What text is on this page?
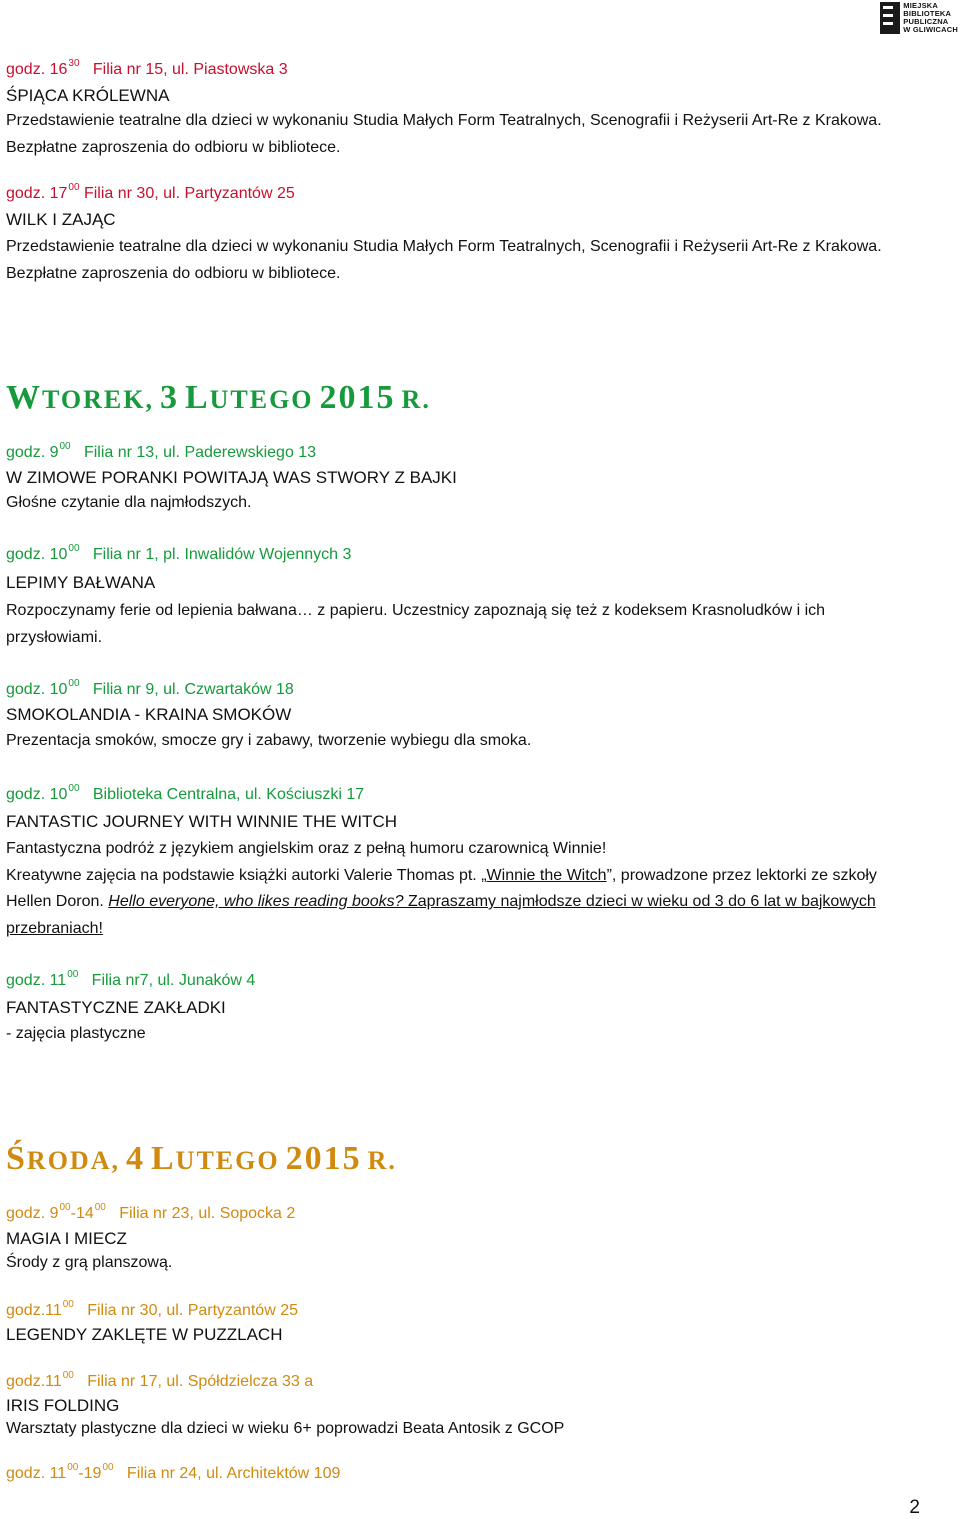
MIEJSKA
BIBLIOTEKA
PUBLICZNA
W GLIWICACH
godz. $16^{30}$ Filia nr 15, ul. Piastowska 3
ŚPIĄCA KRÓLEWNA
Przedstawienie teatralne dla dzieci w wykonaniu Studia Małych Form Teatralnych, Scenografii i Reżyserii Art-Re z Krakowa. Bezpłatne zaproszenia do odbioru w bibliotece.
godz. $17^{00}$ Filia nr 30, ul. Partyzantów 25
WILK I ZAJĄC
Przedstawienie teatralne dla dzieci w wykonaniu Studia Małych Form Teatralnych, Scenografii i Reżyserii Art-Re z Krakowa. Bezpłatne zaproszenia do odbioru w bibliotece.
WTOREK, 3 LUTEGO 2015 R.
godz. $9^{00}$ Filia nr 13, ul. Paderewskiego 13
W ZIMOWE PORANKI POWITAJĄ WAS STWORY Z BAJKI
Głośne czytanie dla najmłodszych.
godz. $10^{00}$ Filia nr 1, pl. Inwalidów Wojennych 3
LEPIMY BAŁWANA
Rozpoczynamy ferie od lepienia bałwana… z papieru. Uczestnicy zapoznają się też z kodeksem Krasnoludków i ich przysłowiami.
godz. $10^{00}$ Filia nr 9, ul. Czwartaków 18
SMOKOLANDIA - KRAINA SMOKÓW
Prezentacja smoków, smocze gry i zabawy, tworzenie wybiegu dla smoka.
godz. $10^{00}$ Biblioteka Centralna, ul. Kościuszki 17
FANTASTIC JOURNEY WITH WINNIE THE WITCH
Fantastyczna podróż z językiem angielskim oraz z pełną humoru czarownicą Winnie!
Kreatywne zajęcia na podstawie książki autorki Valerie Thomas pt. „Winnie the Witch”, prowadzone przez lektorki ze szkoły Hellen Doron. Hello everyone, who likes reading books? Zapraszamy najmłodsze dzieci w wieku od 3 do 6 lat w bajkowych przebraniach!
godz. $11^{00}$ Filia nr7, ul. Junaków 4
FANTASTYCZNE ZAKŁADKI
- zajęcia plastyczne
ŚRODA, 4 LUTEGO 2015 R.
godz. $9^{00}-14^{00}$ Filia nr 23, ul. Sopocka 2
MAGIA I MIECZ
Środy z grą planszową.
$godz.11^{00}$ Filia nr 30, ul. Partyzantów 25
LEGENDY ZAKLĘTE W PUZZLACH
$godz.11^{00}$ Filia nr 17, ul. Spółdzielcza 33 a
IRIS FOLDING
Warsztaty plastyczne dla dzieci w wieku 6+ poprowadzi Beata Antosik z GCOP
godz. $11^{00}-19^{00}$ Filia nr 24, ul. Architektów 109
2
